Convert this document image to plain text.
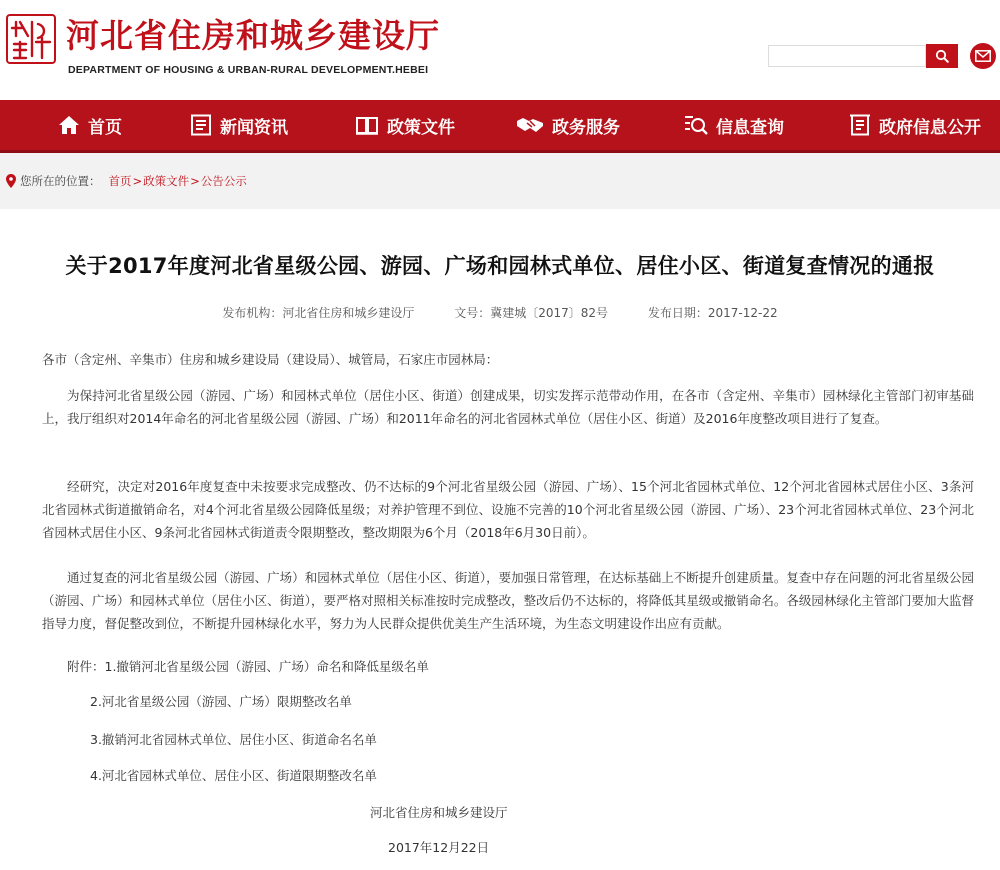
河北省住房和城乡建设厅
DEPARTMENT OF HOUSING & URBAN-RURAL DEVELOPMENT.HEBEI
首页	新闻资讯	政策文件	政务服务	信息查询	政府信息公开
您所在的位置： 首页 > 政策文件 > 公告公示
关于2017年度河北省星级公园、游园、广场和园林式单位、居住小区、街道复查情况的通报
发布机构：河北省住房和城乡建设厅	文号：冀建城〔2017〕82号	发布日期：2017-12-22
各市（含定州、辛集市）住房和城乡建设局（建设局）、城管局，石家庄市园林局：

为保持河北省星级公园（游园、广场）和园林式单位（居住小区、街道）创建成果，切实发挥示范带动作用，在各市（含定州、辛集市）园林绿化主管部门初审基础上，我厅组织对2014年命名的河北省星级公园（游园、广场）和2011年命名的河北省园林式单位（居住小区、街道）及2016年度整改项目进行了复查。

经研究，决定对2016年度复查中未按要求完成整改、仍不达标的9个河北省星级公园（游园、广场）、15个河北省园林式单位、12个河北省园林式居住小区、3条河北省园林式街道撤销命名，对4个河北省星级公园降低星级；对养护管理不到位、设施不完善的10个河北省星级公园（游园、广场）、23个河北省园林式单位、23个河北省园林式居住小区、9条河北省园林式街道责令限期整改，整改期限为6个月（2018年6月30日前）。

通过复查的河北省星级公园（游园、广场）和园林式单位（居住小区、街道），要加强日常管理，在达标基础上不断提升创建质量。复查中存在问题的河北省星级公园（游园、广场）和园林式单位（居住小区、街道），要严格对照相关标准按时完成整改，整改后仍不达标的，将降低其星级或撤销命名。各级园林绿化主管部门要加大监督指导力度，督促整改到位，不断提升园林绿化水平，努力为人民群众提供优美生产生活环境，为生态文明建设作出应有贡献。

附件：1.撤销河北省星级公园（游园、广场）命名和降低星级名单
2.河北省星级公园（游园、广场）限期整改名单
3.撤销河北省园林式单位、居住小区、街道命名名单
4.河北省园林式单位、居住小区、街道限期整改名单
河北省住房和城乡建设厅
2017年12月22日
